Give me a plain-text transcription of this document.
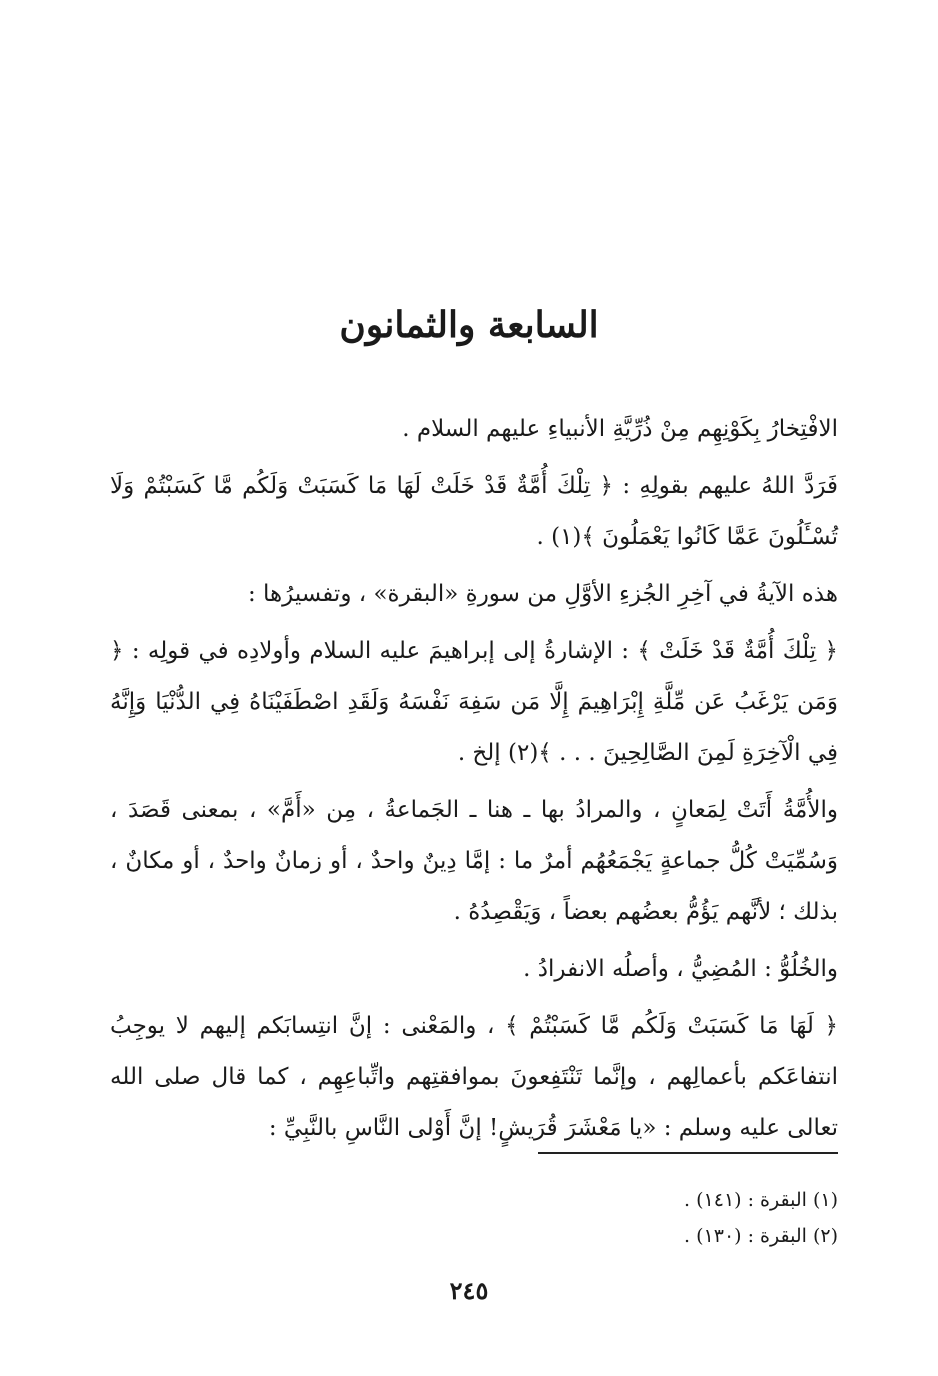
السابعة والثمانون

الافْتِخارُ بِكَوْنِهِم مِنْ ذُرِّيَّةِ الأنبياءِ عليهم السلام .

فَرَدَّ اللهُ عليهم بقولِهِ : ﴿ تِلْكَ أُمَّةٌ قَدْ خَلَتْ لَهَا مَا كَسَبَتْ وَلَكُم مَّا كَسَبْتُمْ وَلَا تُسْـَٔلُونَ عَمَّا كَانُوا يَعْمَلُونَ ﴾(١) .

هذه الآيةُ في آخِرِ الجُزءِ الأوَّلِ من سورةِ «البقرة» ، وتفسيرُها :

﴿ تِلْكَ أُمَّةٌ قَدْ خَلَتْ ﴾ : الإشارةُ إلى إبراهيمَ عليه السلام وأولادِه في قولِه : ﴿ وَمَن يَرْغَبُ عَن مِّلَّةِ إِبْرَاهِيمَ إِلَّا مَن سَفِهَ نَفْسَهُ وَلَقَدِ اصْطَفَيْنَاهُ فِي الدُّنْيَا وَإِنَّهُ فِي الْآخِرَةِ لَمِنَ الصَّالِحِينَ . . . ﴾(٢) إلخ .

والأُمَّةُ أَتَتْ لِمَعانٍ ، والمرادُ بها ـ هنا ـ الجَماعةُ ، مِن «أَمَّ» ، بمعنى قَصَدَ ، وَسُمِّيَتْ كُلُّ جماعةٍ يَجْمَعُهُم أمرٌ ما : إمَّا دِينٌ واحدٌ ، أو زمانٌ واحدٌ ، أو مكانٌ ، بذلك ؛ لأنَّهم يَؤُمُّ بعضُهم بعضاً ، وَيَقْصِدُهُ .

والخُلُوُّ : المُضِيُّ ، وأصلُه الانفرادُ .

﴿ لَهَا مَا كَسَبَتْ وَلَكُم مَّا كَسَبْتُمْ ﴾ ، والمَعْنى : إنَّ انتِسابَكم إليهم لا يوجِبُ انتفاعَكم بأعمالِهم ، وإنَّما تَنْتَفِعونَ بموافقتِهم واتِّباعِهِم ، كما قال صلى الله تعالى عليه وسلم : «يا مَعْشَرَ قُرَيشٍ! إنَّ أَوْلى النَّاسِ بالنَّبِيِّ :

(١) البقرة : (١٤١) .
(٢) البقرة : (١٣٠) .
٢٤٥
